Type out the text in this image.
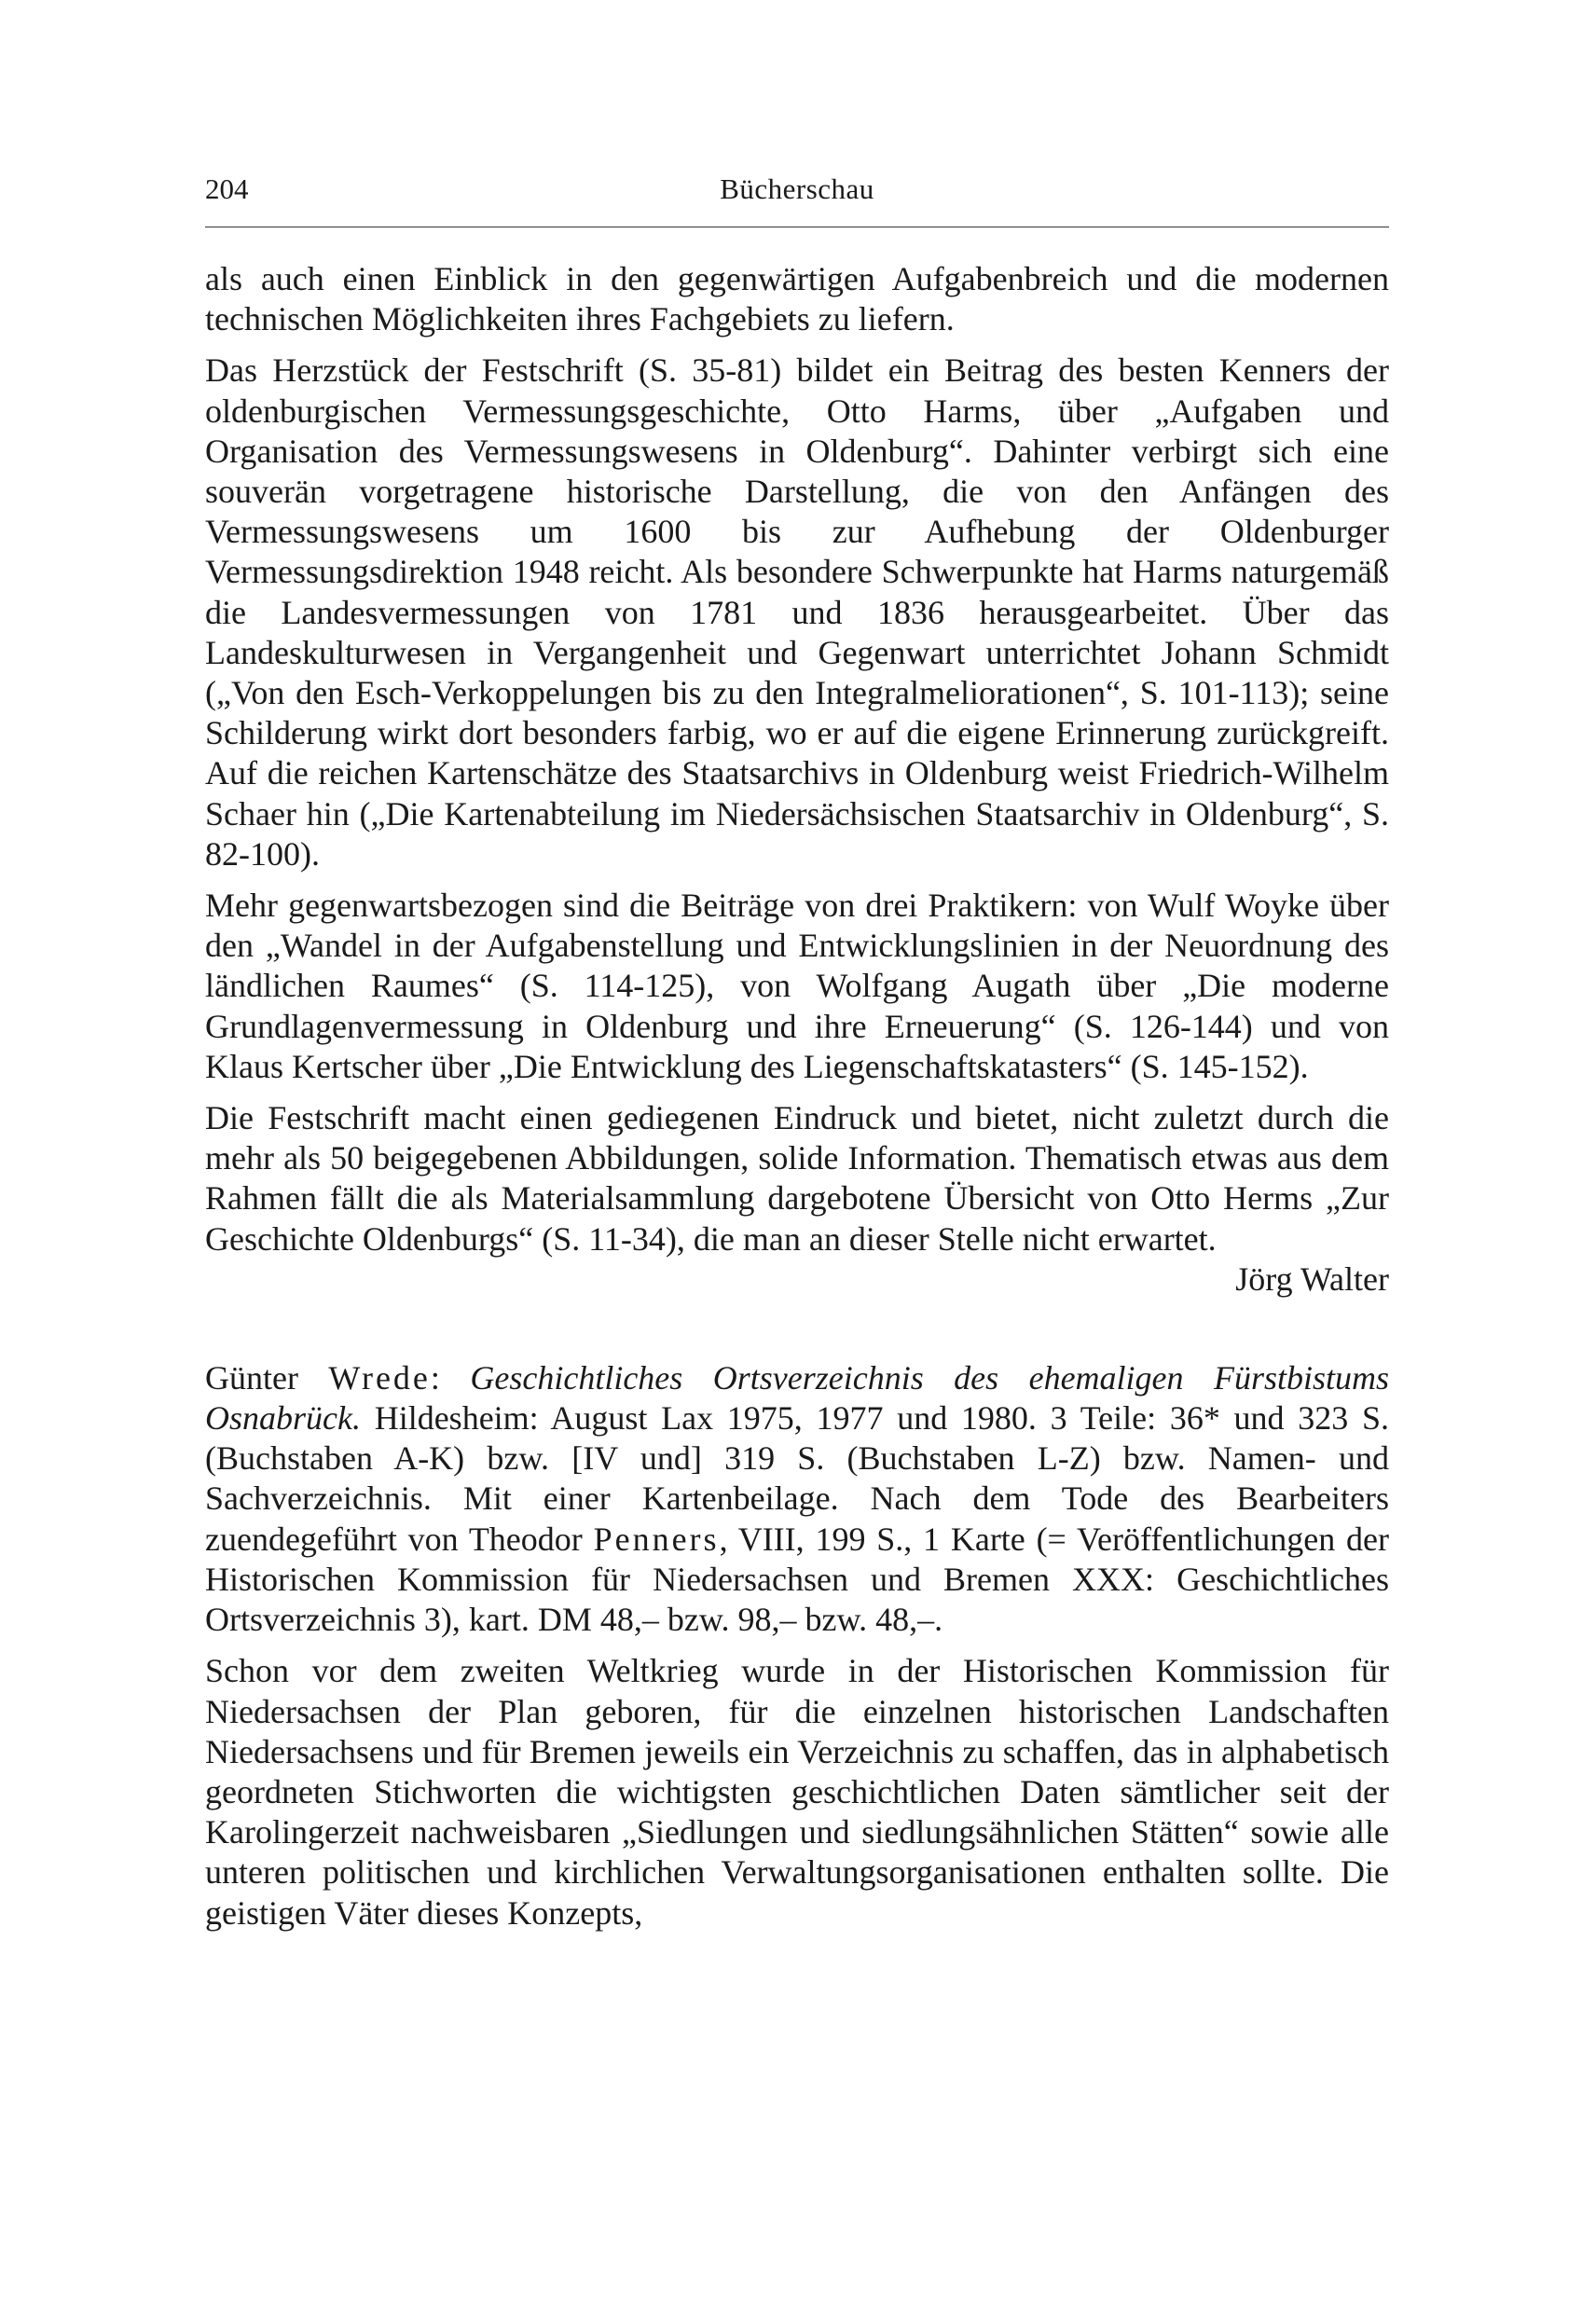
204	Bücherschau

als auch einen Einblick in den gegenwärtigen Aufgabenbreich und die modernen technischen Möglichkeiten ihres Fachgebiets zu liefern.

Das Herzstück der Festschrift (S. 35-81) bildet ein Beitrag des besten Kenners der oldenburgischen Vermessungsgeschichte, Otto Harms, über „Aufgaben und Organisation des Vermessungswesens in Oldenburg“. Dahinter verbirgt sich eine souverän vorgetragene historische Darstellung, die von den Anfängen des Vermessungswesens um 1600 bis zur Aufhebung der Oldenburger Vermessungsdirektion 1948 reicht. Als besondere Schwerpunkte hat Harms naturgemäß die Landesvermessungen von 1781 und 1836 herausgearbeitet. Über das Landeskulturwesen in Vergangenheit und Gegenwart unterrichtet Johann Schmidt („Von den Esch-Verkoppelungen bis zu den Integralmeliorationen“, S. 101-113); seine Schilderung wirkt dort besonders farbig, wo er auf die eigene Erinnerung zurückgreift. Auf die reichen Kartenschätze des Staatsarchivs in Oldenburg weist Friedrich-Wilhelm Schaer hin („Die Kartenabteilung im Niedersächsischen Staatsarchiv in Oldenburg“, S. 82-100).

Mehr gegenwartsbezogen sind die Beiträge von drei Praktikern: von Wulf Woyke über den „Wandel in der Aufgabenstellung und Entwicklungslinien in der Neuordnung des ländlichen Raumes“ (S. 114-125), von Wolfgang Augath über „Die moderne Grundlagenvermessung in Oldenburg und ihre Erneuerung“ (S. 126-144) und von Klaus Kertscher über „Die Entwicklung des Liegenschaftskatasters“ (S. 145-152).

Die Festschrift macht einen gediegenen Eindruck und bietet, nicht zuletzt durch die mehr als 50 beigegebenen Abbildungen, solide Information. Thematisch etwas aus dem Rahmen fällt die als Materialsammlung dargebotene Übersicht von Otto Herms „Zur Geschichte Oldenburgs“ (S. 11-34), die man an dieser Stelle nicht erwartet.
Jörg Walter

Günter Wrede: Geschichtliches Ortsverzeichnis des ehemaligen Fürstbistums Osnabrück. Hildesheim: August Lax 1975, 1977 und 1980. 3 Teile: 36* und 323 S. (Buchstaben A-K) bzw. [IV und] 319 S. (Buchstaben L-Z) bzw. Namen- und Sachverzeichnis. Mit einer Kartenbeilage. Nach dem Tode des Bearbeiters zuendegeführt von Theodor Penners, VIII, 199 S., 1 Karte (= Veröffentlichungen der Historischen Kommission für Niedersachsen und Bremen XXX: Geschichtliches Ortsverzeichnis 3), kart. DM 48,– bzw. 98,– bzw. 48,–.

Schon vor dem zweiten Weltkrieg wurde in der Historischen Kommission für Niedersachsen der Plan geboren, für die einzelnen historischen Landschaften Niedersachsens und für Bremen jeweils ein Verzeichnis zu schaffen, das in alphabetisch geordneten Stichworten die wichtigsten geschichtlichen Daten sämtlicher seit der Karolingerzeit nachweisbaren „Siedlungen und siedlungsähnlichen Stätten“ sowie alle unteren politischen und kirchlichen Verwaltungsorganisationen enthalten sollte. Die geistigen Väter dieses Konzepts,
